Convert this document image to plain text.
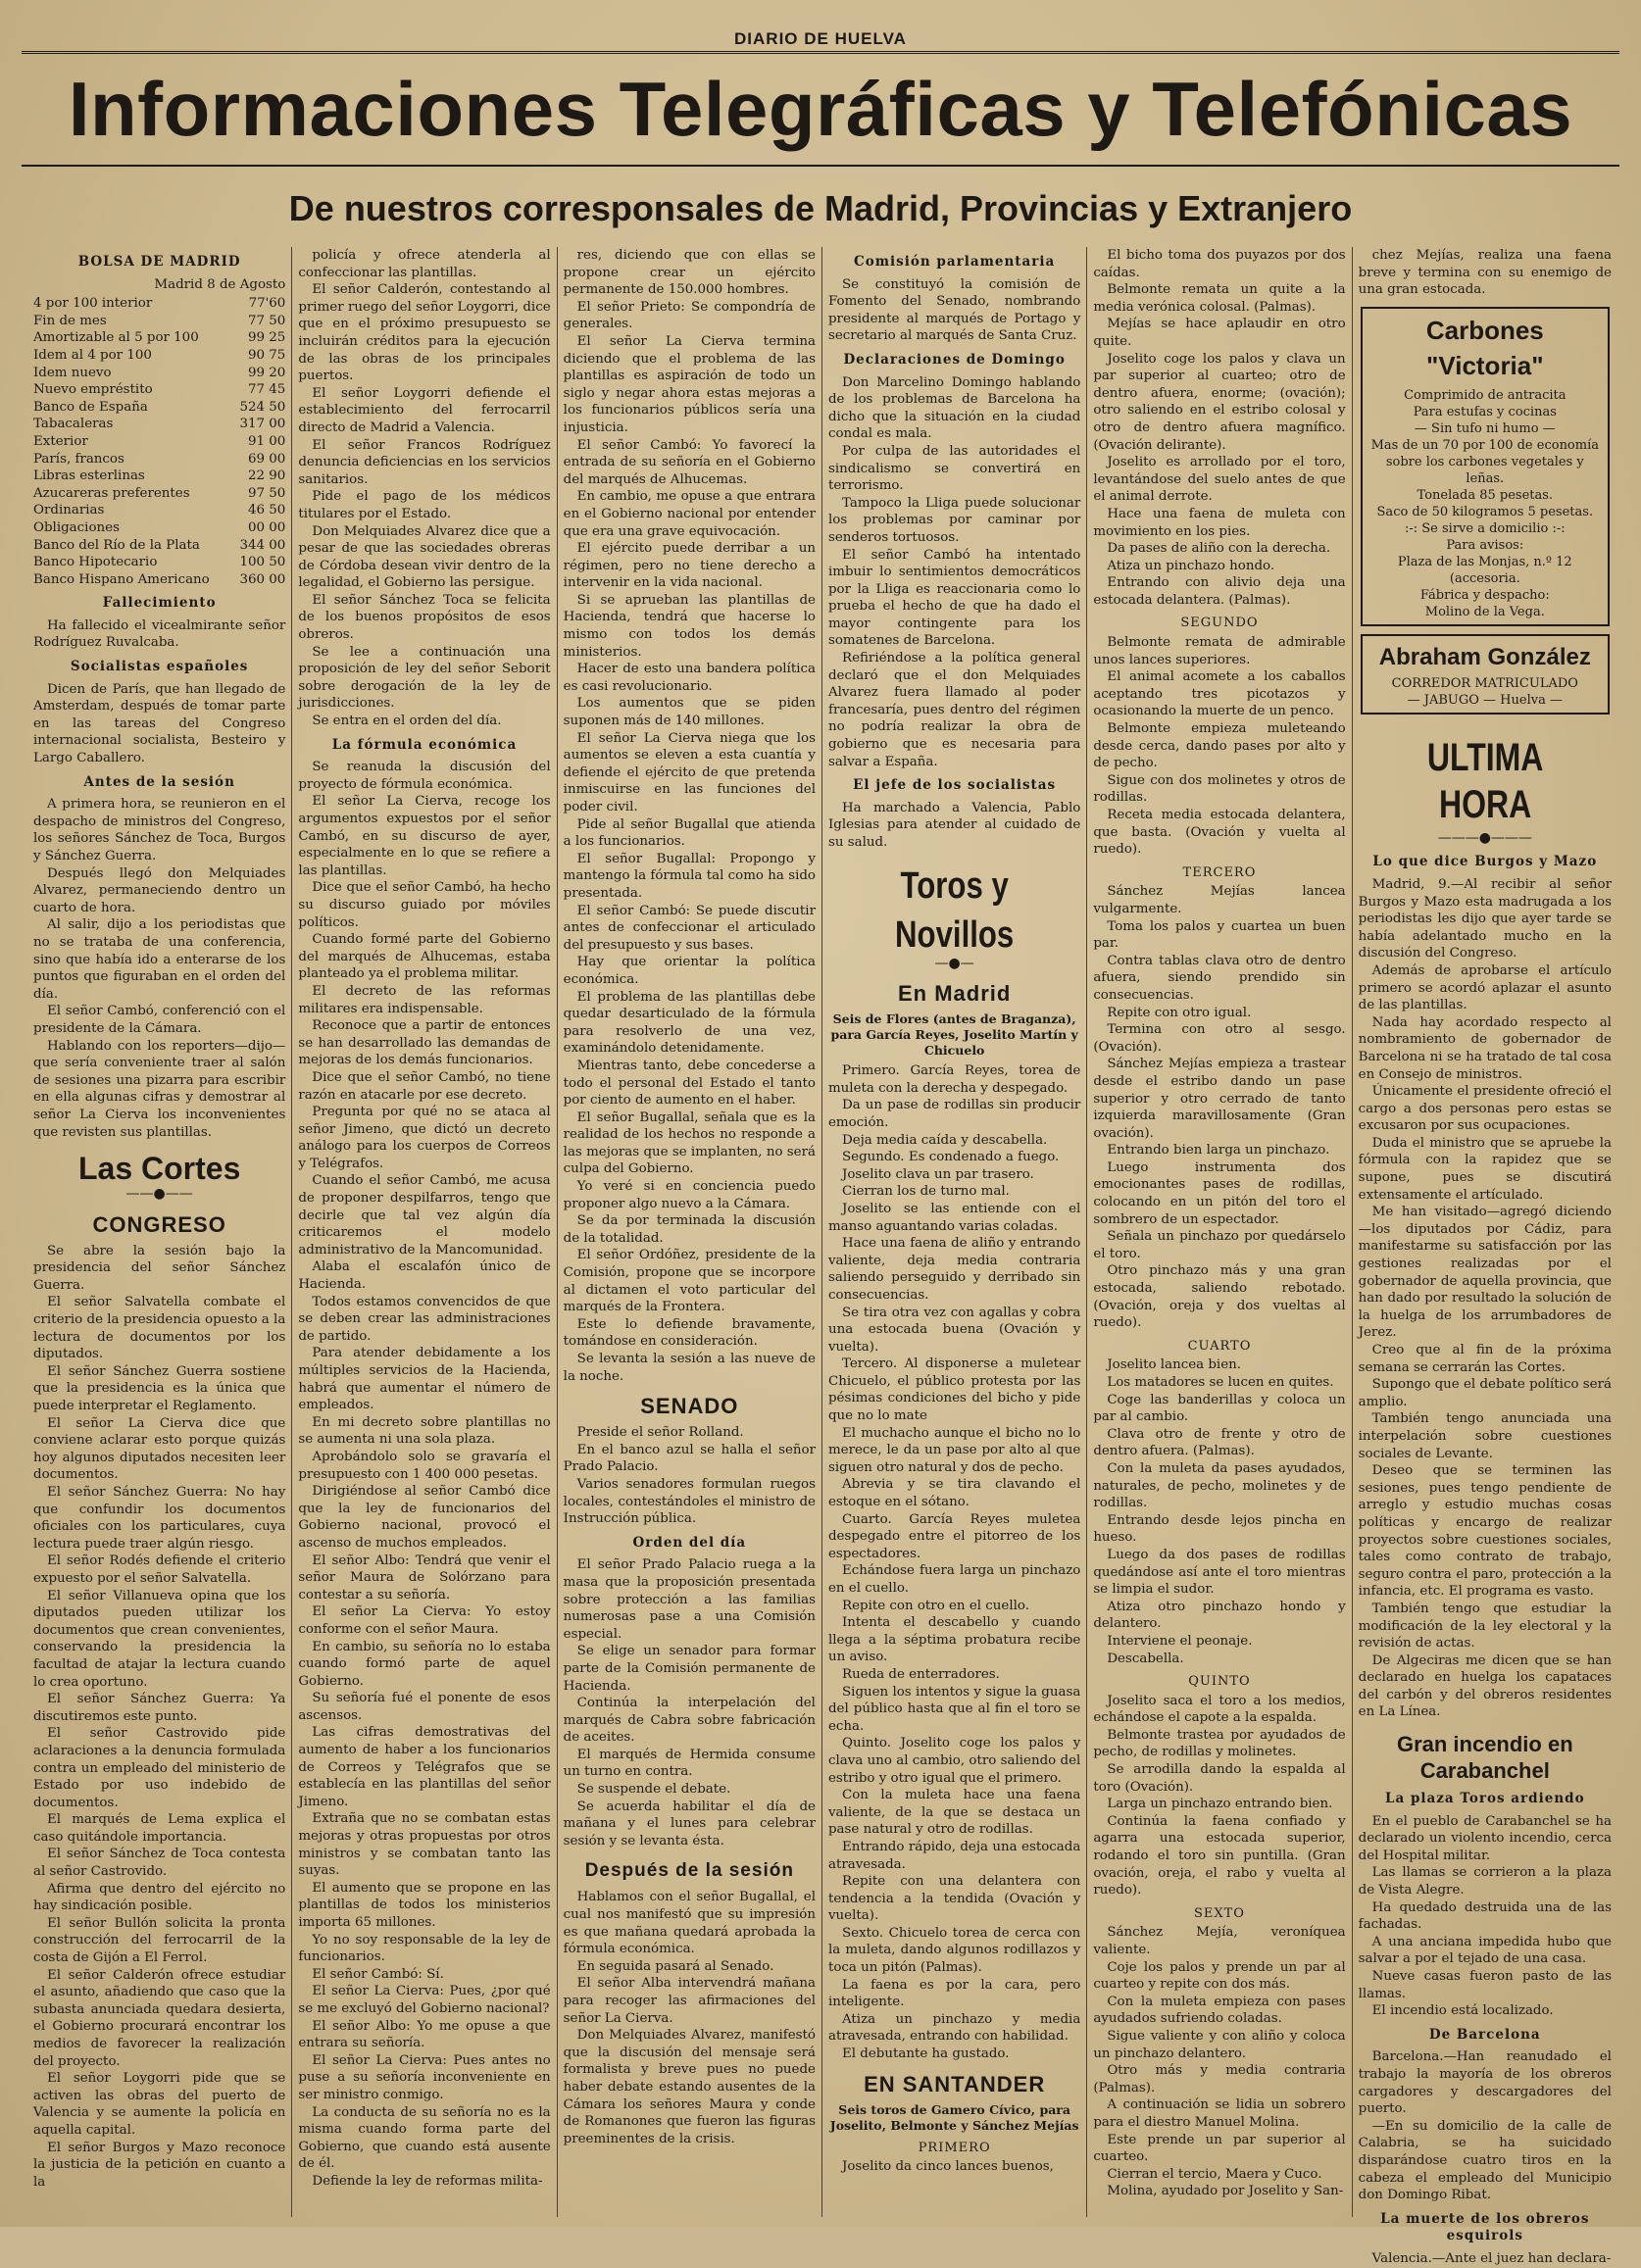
DIARIO DE HUELVA
Informaciones Telegráficas y Telefónicas
De nuestros corresponsales de Madrid, Provincias y Extranjero
BOLSA DE MADRID
Madrid 8 de Agosto
4 por 100 interior	77'60
Fin de mes	77 50
Amortizable al 5 por 100	99 25
Idem al 4 por 100	90 75
Idem nuevo	99 20
Nuevo empréstito	77 45
Banco de España	524 50
Tabacaleras	317 00
Exterior	91 00
París, francos	69 00
Libras esterlinas	22 90
Azucareras preferentes	97 50
Ordinarias	46 50
Obligaciones	00 00
Banco del Río de la Plata	344 00
Banco Hipotecario	100 50
Banco Hispano Americano	360 00
Fallecimiento

Ha fallecido el vicealmirante señor Rodríguez Ruvalcaba.

Socialistas españoles

Dicen de París, que han llegado de Amsterdam, después de tomar parte en las tareas del Congreso internacional socialista, Besteiro y Largo Caballero.

Antes de la sesión

A primera hora, se reunieron en el despacho de ministros del Congreso, los señores Sánchez de Toca, Burgos y Sánchez Guerra.

Después llegó don Melquiades Alvarez, permaneciendo dentro un cuarto de hora.

Al salir, dijo a los periodistas que no se trataba de una conferencia, sino que había ido a enterarse de los puntos que figuraban en el orden del día.

El señor Cambó, conferenció con el presidente de la Cámara.

Hablando con los reporters—dijo—que sería conveniente traer al salón de sesiones una pizarra para escribir en ella algunas cifras y demostrar al señor La Cierva los inconvenientes que revisten sus plantillas.

Las Cortes
——●——
CONGRESO

Se abre la sesión bajo la presidencia del señor Sánchez Guerra.

El señor Salvatella combate el criterio de la presidencia opuesto a la lectura de documentos por los diputados.

El señor Sánchez Guerra sostiene que la presidencia es la única que puede interpretar el Reglamento.

El señor La Cierva dice que conviene aclarar esto porque quizás hoy algunos diputados necesiten leer documentos.

El señor Sánchez Guerra: No hay que confundir los documentos oficiales con los particulares, cuya lectura puede traer algún riesgo.

El señor Rodés defiende el criterio expuesto por el señor Salvatella.

El señor Villanueva opina que los diputados pueden utilizar los documentos que crean convenientes, conservando la presidencia la facultad de atajar la lectura cuando lo crea oportuno.

El señor Sánchez Guerra: Ya discutiremos este punto.

El señor Castrovido pide aclaraciones a la denuncia formulada contra un empleado del ministerio de Estado por uso indebido de documentos.

El marqués de Lema explica el caso quitándole importancia.

El señor Sánchez de Toca contesta al señor Castrovido.

Afirma que dentro del ejército no hay sindicación posible.

El señor Bullón solicita la pronta construcción del ferrocarril de la costa de Gijón a El Ferrol.

El señor Calderón ofrece estudiar el asunto, añadiendo que caso que la subasta anunciada quedara desierta, el Gobierno procurará encontrar los medios de favorecer la realización del proyecto.

El señor Loygorri pide que se activen las obras del puerto de Valencia y se aumente la policía en aquella capital.

El señor Burgos y Mazo reconoce la justicia de la petición en cuanto a la

policía y ofrece atenderla al confeccionar las plantillas.

El señor Calderón, contestando al primer ruego del señor Loygorri, dice que en el próximo presupuesto se incluirán créditos para la ejecución de las obras de los principales puertos.

El señor Loygorri defiende el establecimiento del ferrocarril directo de Madrid a Valencia.

El señor Francos Rodríguez denuncia deficiencias en los servicios sanitarios.

Pide el pago de los médicos titulares por el Estado.

Don Melquiades Alvarez dice que a pesar de que las sociedades obreras de Córdoba desean vivir dentro de la legalidad, el Gobierno las persigue.

El señor Sánchez Toca se felicita de los buenos propósitos de esos obreros.

Se lee a continuación una proposición de ley del señor Seborit sobre derogación de la ley de jurisdicciones.

Se entra en el orden del día.

La fórmula económica

Se reanuda la discusión del proyecto de fórmula económica.

El señor La Cierva, recoge los argumentos expuestos por el señor Cambó, en su discurso de ayer, especialmente en lo que se refiere a las plantillas.

Dice que el señor Cambó, ha hecho su discurso guiado por móviles políticos.

Cuando formé parte del Gobierno del marqués de Alhucemas, estaba planteado ya el problema militar.

El decreto de las reformas militares era indispensable.

Reconoce que a partir de entonces se han desarrollado las demandas de mejoras de los demás funcionarios.

Dice que el señor Cambó, no tiene razón en atacarle por ese decreto.

Pregunta por qué no se ataca al señor Jimeno, que dictó un decreto análogo para los cuerpos de Correos y Telégrafos.

Cuando el señor Cambó, me acusa de proponer despilfarros, tengo que decirle que tal vez algún día criticaremos el modelo administrativo de la Mancomunidad.

Alaba el escalafón único de Hacienda.

Todos estamos convencidos de que se deben crear las administraciones de partido.

Para atender debidamente a los múltiples servicios de la Hacienda, habrá que aumentar el número de empleados.

En mi decreto sobre plantillas no se aumenta ni una sola plaza.

Aprobándolo solo se gravaría el presupuesto con 1 400 000 pesetas.

Dirigiéndose al señor Cambó dice que la ley de funcionarios del Gobierno nacional, provocó el ascenso de muchos empleados.

El señor Albo: Tendrá que venir el señor Maura de Solórzano para contestar a su señoría.

El señor La Cierva: Yo estoy conforme con el señor Maura.

En cambio, su señoría no lo estaba cuando formó parte de aquel Gobierno.

Su señoría fué el ponente de esos ascensos.

Las cifras demostrativas del aumento de haber a los funcionarios de Correos y Telégrafos que se establecía en las plantillas del señor Jimeno.

Extraña que no se combatan estas mejoras y otras propuestas por otros ministros y se combatan tanto las suyas.

El aumento que se propone en las plantillas de todos los ministerios importa 65 millones.

Yo no soy responsable de la ley de funcionarios.

El señor Cambó: Sí.

El señor La Cierva: Pues, ¿por qué se me excluyó del Gobierno nacional?

El señor Albo: Yo me opuse a que entrara su señoría.

El señor La Cierva: Pues antes no puse a su señoría inconveniente en ser ministro conmigo.

La conducta de su señoría no es la misma cuando forma parte del Gobierno, que cuando está ausente de él.

Defiende la ley de reformas milita-

res, diciendo que con ellas se propone crear un ejército permanente de 150.000 hombres.

El señor Prieto: Se compondría de generales.

El señor La Cierva termina diciendo que el problema de las plantillas es aspiración de todo un siglo y negar ahora estas mejoras a los funcionarios públicos sería una injusticia.

El señor Cambó: Yo favorecí la entrada de su señoría en el Gobierno del marqués de Alhucemas.

En cambio, me opuse a que entrara en el Gobierno nacional por entender que era una grave equivocación.

El ejército puede derribar a un régimen, pero no tiene derecho a intervenir en la vida nacional.

Si se aprueban las plantillas de Hacienda, tendrá que hacerse lo mismo con todos los demás ministerios.

Hacer de esto una bandera política es casi revolucionario.

Los aumentos que se piden suponen más de 140 millones.

El señor La Cierva niega que los aumentos se eleven a esta cuantía y defiende el ejército de que pretenda inmiscuirse en las funciones del poder civil.

Pide al señor Bugallal que atienda a los funcionarios.

El señor Bugallal: Propongo y mantengo la fórmula tal como ha sido presentada.

El señor Cambó: Se puede discutir antes de confeccionar el articulado del presupuesto y sus bases.

Hay que orientar la política económica.

El problema de las plantillas debe quedar desarticulado de la fórmula para resolverlo de una vez, examinándolo detenidamente.

Mientras tanto, debe concederse a todo el personal del Estado el tanto por ciento de aumento en el haber.

El señor Bugallal, señala que es la realidad de los hechos no responde a las mejoras que se implanten, no será culpa del Gobierno.

Yo veré si en conciencia puedo proponer algo nuevo a la Cámara.

Se da por terminada la discusión de la totalidad.

El señor Ordóñez, presidente de la Comisión, propone que se incorpore al dictamen el voto particular del marqués de la Frontera.

Este lo defiende bravamente, tomándose en consideración.

Se levanta la sesión a las nueve de la noche.

SENADO

Preside el señor Rolland.

En el banco azul se halla el señor Prado Palacio.

Varios senadores formulan ruegos locales, contestándoles el ministro de Instrucción pública.

Orden del día

El señor Prado Palacio ruega a la masa que la proposición presentada sobre protección a las familias numerosas pase a una Comisión especial.

Se elige un senador para formar parte de la Comisión permanente de Hacienda.

Continúa la interpelación del marqués de Cabra sobre fabricación de aceites.

El marqués de Hermida consume un turno en contra.

Se suspende el debate.

Se acuerda habilitar el día de mañana y el lunes para celebrar sesión y se levanta ésta.

Después de la sesión

Hablamos con el señor Bugallal, el cual nos manifestó que su impresión es que mañana quedará aprobada la fórmula económica.

En seguida pasará al Senado.

El señor Alba intervendrá mañana para recoger las afirmaciones del señor La Cierva.

Don Melquiades Alvarez, manifestó que la discusión del mensaje será formalista y breve pues no puede haber debate estando ausentes de la Cámara los señores Maura y conde de Romanones que fueron las figuras preeminentes de la crisis.

Comisión parlamentaria

Se constituyó la comisión de Fomento del Senado, nombrando presidente al marqués de Portago y secretario al marqués de Santa Cruz.

Declaraciones de Domingo

Don Marcelino Domingo hablando de los problemas de Barcelona ha dicho que la situación en la ciudad condal es mala.

Por culpa de las autoridades el sindicalismo se convertirá en terrorismo.

Tampoco la Lliga puede solucionar los problemas por caminar por senderos tortuosos.

El señor Cambó ha intentado imbuir lo sentimientos democráticos por la Lliga es reaccionaria como lo prueba el hecho de que ha dado el mayor contingente para los somatenes de Barcelona.

Refiriéndose a la política general declaró que el don Melquiades Alvarez fuera llamado al poder francesaría, pues dentro del régimen no podría realizar la obra de gobierno que es necesaria para salvar a España.

El jefe de los socialistas

Ha marchado a Valencia, Pablo Iglesias para atender al cuidado de su salud.

Toros y Novillos
—●—
En Madrid
Seis de Flores (antes de Braganza), para García Reyes, Joselito Martín y Chicuelo

Primero. García Reyes, torea de muleta con la derecha y despegado.

Da un pase de rodillas sin producir emoción.

Deja media caída y descabella.

Segundo. Es condenado a fuego.

Joselito clava un par trasero.

Cierran los de turno mal.

Joselito se las entiende con el manso aguantando varias coladas.

Hace una faena de aliño y entrando valiente, deja media contraria saliendo perseguido y derribado sin consecuencias.

Se tira otra vez con agallas y cobra una estocada buena (Ovación y vuelta).

Tercero. Al disponerse a muletear Chicuelo, el público protesta por las pésimas condiciones del bicho y pide que no lo mate

El muchacho aunque el bicho no lo merece, le da un pase por alto al que siguen otro natural y dos de pecho.

Abrevia y se tira clavando el estoque en el sótano.

Cuarto. García Reyes muletea despegado entre el pitorreo de los espectadores.

Echándose fuera larga un pinchazo en el cuello.

Repite con otro en el cuello.

Intenta el descabello y cuando llega a la séptima probatura recibe un aviso.

Rueda de enterradores.

Siguen los intentos y sigue la guasa del público hasta que al fin el toro se echa.

Quinto. Joselito coge los palos y clava uno al cambio, otro saliendo del estribo y otro igual que el primero.

Con la muleta hace una faena valiente, de la que se destaca un pase natural y otro de rodillas.

Entrando rápido, deja una estocada atravesada.

Repite con una delantera con tendencia a la tendida (Ovación y vuelta).

Sexto. Chicuelo torea de cerca con la muleta, dando algunos rodillazos y toca un pitón (Palmas).

La faena es por la cara, pero inteligente.

Atiza un pinchazo y media atravesada, entrando con habilidad.

El debutante ha gustado.

EN SANTANDER
Seis toros de Gamero Cívico, para Joselito, Belmonte y Sánchez Mejías
PRIMERO

Joselito da cinco lances buenos,

El bicho toma dos puyazos por dos caídas.

Belmonte remata un quite a la media verónica colosal. (Palmas).

Mejías se hace aplaudir en otro quite.

Joselito coge los palos y clava un par superior al cuarteo; otro de dentro afuera, enorme; (ovación); otro saliendo en el estribo colosal y otro de dentro afuera magnífico. (Ovación delirante).

Joselito es arrollado por el toro, levantándose del suelo antes de que el animal derrote.

Hace una faena de muleta con movimiento en los pies.

Da pases de aliño con la derecha.

Atiza un pinchazo hondo.

Entrando con alivio deja una estocada delantera. (Palmas).

SEGUNDO

Belmonte remata de admirable unos lances superiores.

El animal acomete a los caballos aceptando tres picotazos y ocasionando la muerte de un penco.

Belmonte empieza muleteando desde cerca, dando pases por alto y de pecho.

Sigue con dos molinetes y otros de rodillas.

Receta media estocada delantera, que basta. (Ovación y vuelta al ruedo).

TERCERO

Sánchez Mejías lancea vulgarmente.

Toma los palos y cuartea un buen par.

Contra tablas clava otro de dentro afuera, siendo prendido sin consecuencias.

Repite con otro igual.

Termina con otro al sesgo. (Ovación).

Sánchez Mejías empieza a trastear desde el estribo dando un pase superior y otro cerrado de tanto izquierda maravillosamente (Gran ovación).

Entrando bien larga un pinchazo.

Luego instrumenta dos emocionantes pases de rodillas, colocando en un pitón del toro el sombrero de un espectador.

Señala un pinchazo por quedárselo el toro.

Otro pinchazo más y una gran estocada, saliendo rebotado. (Ovación, oreja y dos vueltas al ruedo).

CUARTO

Joselito lancea bien.

Los matadores se lucen en quites.

Coge las banderillas y coloca un par al cambio.

Clava otro de frente y otro de dentro afuera. (Palmas).

Con la muleta da pases ayudados, naturales, de pecho, molinetes y de rodillas.

Entrando desde lejos pincha en hueso.

Luego da dos pases de rodillas quedándose así ante el toro mientras se limpia el sudor.

Atiza otro pinchazo hondo y delantero.

Interviene el peonaje.

Descabella.

QUINTO

Joselito saca el toro a los medios, echándose el capote a la espalda.

Belmonte trastea por ayudados de pecho, de rodillas y molinetes.

Se arrodilla dando la espalda al toro (Ovación).

Larga un pinchazo entrando bien.

Continúa la faena confiado y agarra una estocada superior, rodando el toro sin puntilla. (Gran ovación, oreja, el rabo y vuelta al ruedo).

SEXTO

Sánchez Mejía, veroníquea valiente.

Coje los palos y prende un par al cuarteo y repite con dos más.

Con la muleta empieza con pases ayudados sufriendo coladas.

Sigue valiente y con aliño y coloca un pinchazo delantero.

Otro más y media contraria (Palmas).

A continuación se lidia un sobrero para el diestro Manuel Molina.

Este prende un par superior al cuarteo.

Cierran el tercio, Maera y Cuco.

Molina, ayudado por Joselito y San-

chez Mejías, realiza una faena breve y termina con su enemigo de una gran estocada.

Carbones "Victoria"
Comprimido de antracita
Para estufas y cocinas
— Sin tufo ni humo —
Mas de un 70 por 100 de economía sobre los carbones vegetales y leñas.
Tonelada 85 pesetas.
Saco de 50 kilogramos 5 pesetas.
:-: Se sirve a domicilio :-:
Para avisos:
Plaza de las Monjas, n.º 12 (accesoria.
Fábrica y despacho:
Molino de la Vega.
Abraham González
CORREDOR MATRICULADO
— JABUGO — Huelva —
ULTIMA HORA
———●———
Lo que dice Burgos y Mazo

Madrid, 9.—Al recibir al señor Burgos y Mazo esta madrugada a los periodistas les dijo que ayer tarde se había adelantado mucho en la discusión del Congreso.

Además de aprobarse el artículo primero se acordó aplazar el asunto de las plantillas.

Nada hay acordado respecto al nombramiento de gobernador de Barcelona ni se ha tratado de tal cosa en Consejo de ministros.

Únicamente el presidente ofreció el cargo a dos personas pero estas se excusaron por sus ocupaciones.

Duda el ministro que se apruebe la fórmula con la rapidez que se supone, pues se discutirá extensamente el artículado.

Me han visitado—agregó diciendo—los diputados por Cádiz, para manifestarme su satisfacción por las gestiones realizadas por el gobernador de aquella provincia, que han dado por resultado la solución de la huelga de los arrumbadores de Jerez.

Creo que al fin de la próxima semana se cerrarán las Cortes.

Supongo que el debate político será amplio.

También tengo anunciada una interpelación sobre cuestiones sociales de Levante.

Deseo que se terminen las sesiones, pues tengo pendiente de arreglo y estudio muchas cosas políticas y encargo de realizar proyectos sobre cuestiones sociales, tales como contrato de trabajo, seguro contra el paro, protección a la infancia, etc. El programa es vasto.

También tengo que estudiar la modificación de la ley electoral y la revisión de actas.

De Algeciras me dicen que se han declarado en huelga los capataces del carbón y del obreros residentes en La Línea.

Gran incendio en Carabanchel
La plaza Toros ardiendo

En el pueblo de Carabanchel se ha declarado un violento incendio, cerca del Hospital militar.

Las llamas se corrieron a la plaza de Vista Alegre.

Ha quedado destruida una de las fachadas.

A una anciana impedida hubo que salvar a por el tejado de una casa.

Nueve casas fueron pasto de las llamas.

El incendio está localizado.

De Barcelona

Barcelona.—Han reanudado el trabajo la mayoría de los obreros cargadores y descargadores del puerto.

—En su domicilio de la calle de Calabria, se ha suicidado disparándose cuatro tiros en la cabeza el empleado del Municipio don Domingo Ribat.

La muerte de los obreros esquirols

Valencia.—Ante el juez han declara-
